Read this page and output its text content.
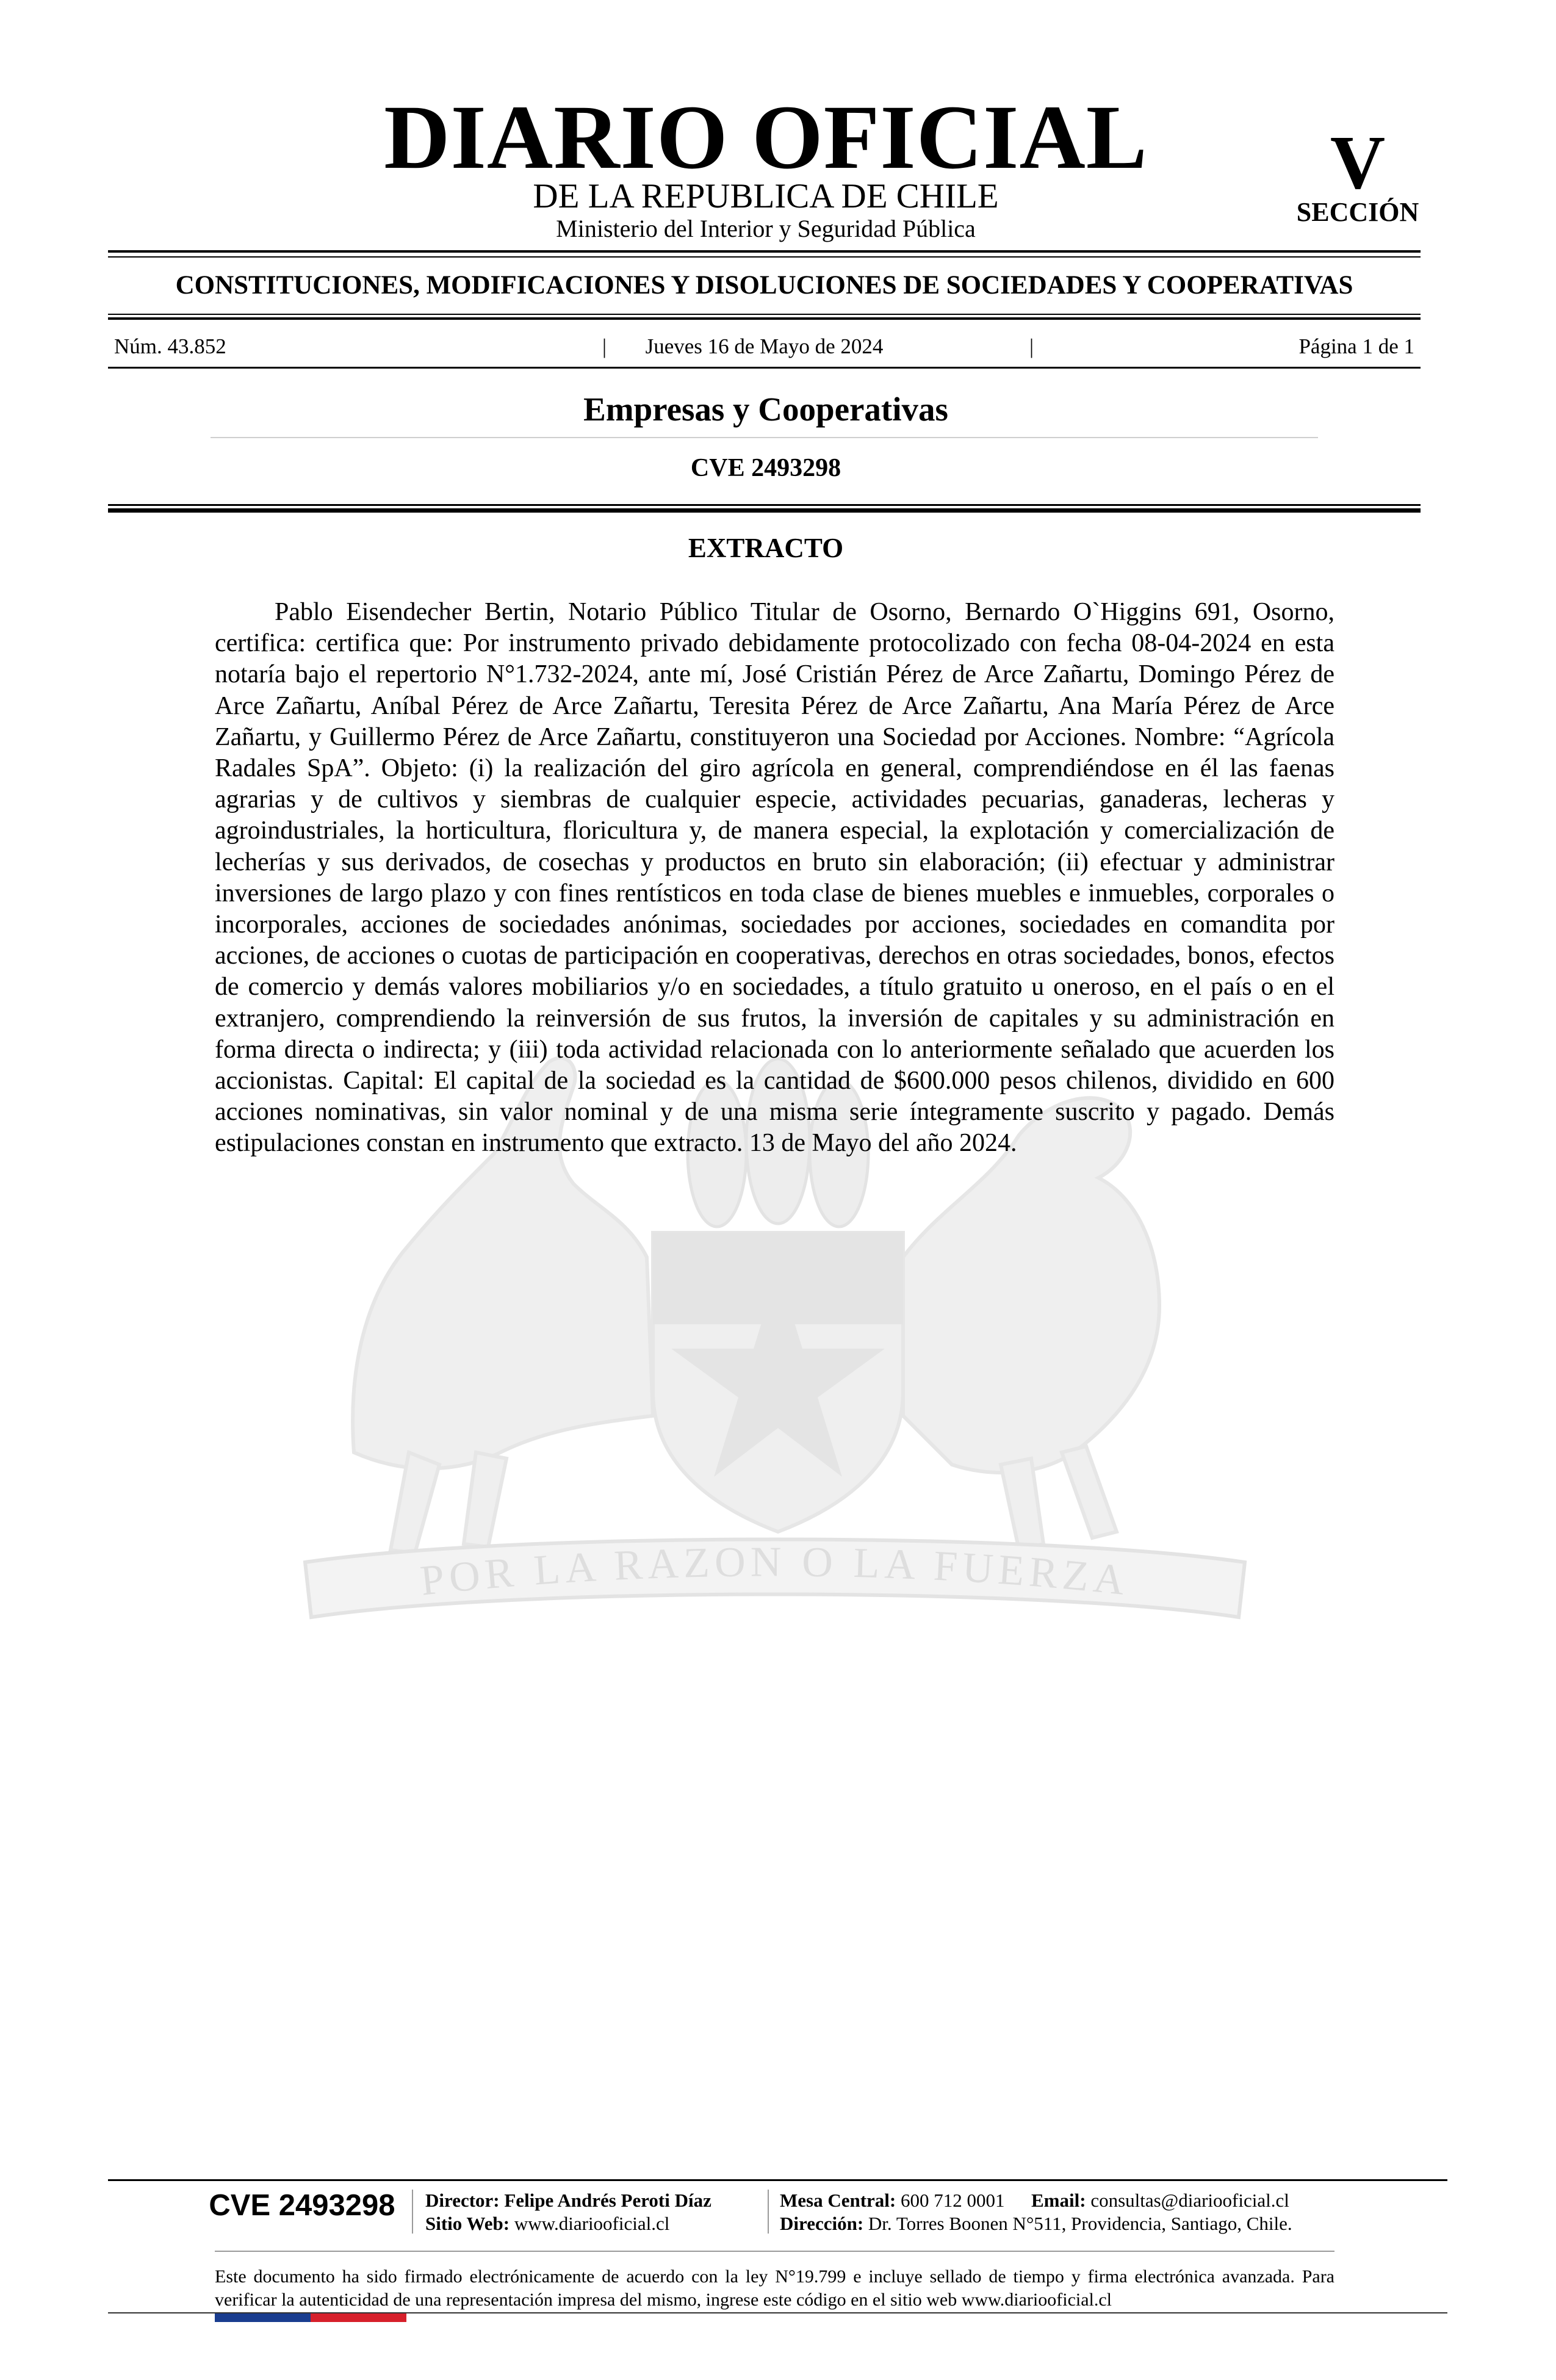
POR LA RAZON O LA FUERZA
DIARIO OFICIAL
DE LA REPUBLICA DE CHILE
Ministerio del Interior y Seguridad Pública
V
SECCIÓN
CONSTITUCIONES, MODIFICACIONES Y DISOLUCIONES DE SOCIEDADES Y COOPERATIVAS
Núm. 43.852	|	Jueves 16 de Mayo de 2024	|	Página 1 de 1
Empresas y Cooperativas
CVE 2493298
EXTRACTO

Pablo Eisendecher Bertin, Notario Público Titular de Osorno, Bernardo O`Higgins 691, Osorno, certifica: certifica que: Por instrumento privado debidamente protocolizado con fecha 08-04-2024 en esta notaría bajo el repertorio N°1.732-2024, ante mí, José Cristián Pérez de Arce Zañartu, Domingo Pérez de Arce Zañartu, Aníbal Pérez de Arce Zañartu, Teresita Pérez de Arce Zañartu, Ana María Pérez de Arce Zañartu, y Guillermo Pérez de Arce Zañartu, constituyeron una Sociedad por Acciones. Nombre: “Agrícola Radales SpA”. Objeto: (i) la realización del giro agrícola en general, comprendiéndose en él las faenas agrarias y de cultivos y siembras de cualquier especie, actividades pecuarias, ganaderas, lecheras y agroindustriales, la horticultura, floricultura y, de manera especial, la explotación y comercialización de lecherías y sus derivados, de cosechas y productos en bruto sin elaboración; (ii) efectuar y administrar inversiones de largo plazo y con fines rentísticos en toda clase de bienes muebles e inmuebles, corporales o incorporales, acciones de sociedades anónimas, sociedades por acciones, sociedades en comandita por acciones, de acciones o cuotas de participación en cooperativas, derechos en otras sociedades, bonos, efectos de comercio y demás valores mobiliarios y/o en sociedades, a título gratuito u oneroso, en el país o en el extranjero, comprendiendo la reinversión de sus frutos, la inversión de capitales y su administración en forma directa o indirecta; y (iii) toda actividad relacionada con lo anteriormente señalado que acuerden los accionistas. Capital: El capital de la sociedad es la cantidad de $600.000 pesos chilenos, dividido en 600 acciones nominativas, sin valor nominal y de una misma serie íntegramente suscrito y pagado. Demás estipulaciones constan en instrumento que extracto. 13 de Mayo del año 2024.

CVE 2493298	Director: Felipe Andrés Peroti Díaz
Sitio Web: www.diariooficial.cl
Mesa Central: 600 712 0001 Email: consultas@diariooficial.cl
Dirección: Dr. Torres Boonen N°511, Providencia, Santiago, Chile.

Este documento ha sido firmado electrónicamente de acuerdo con la ley N°19.799 e incluye sellado de tiempo y firma electrónica avanzada. Para verificar la autenticidad de una representación impresa del mismo, ingrese este código en el sitio web www.diariooficial.cl
